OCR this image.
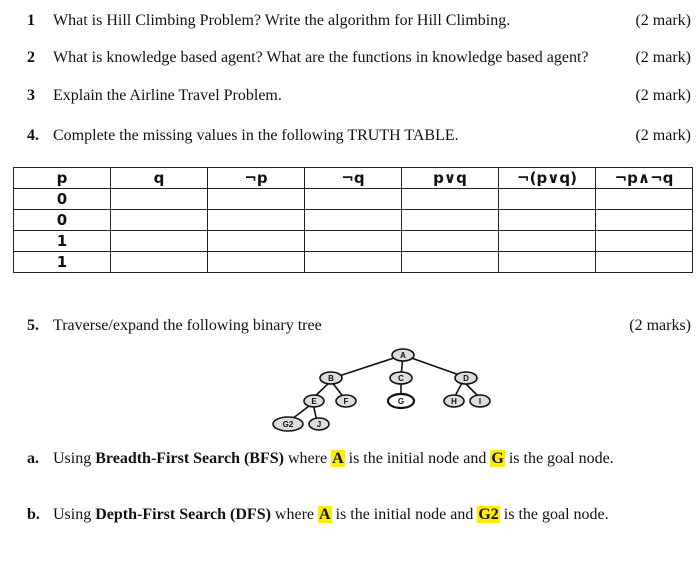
1 What is Hill Climbing Problem? Write the algorithm for Hill Climbing.	(2 mark)
2 What is knowledge based agent? What are the functions in knowledge based agent?	(2 mark)
3 Explain the Airline Travel Problem.	(2 mark)
4. Complete the missing values in the following TRUTH TABLE.	(2 mark)
p	q	¬p	¬q	p∨q	¬(p∨q)	¬p∧¬q
0						
0						
1						
1						
5. Traverse/expand the following binary tree	(2 marks)
A
B	C	D
E	F	G	H	I
G2	J
a. Using Breadth-First Search (BFS) where A is the initial node and G is the goal node.
b. Using Depth-First Search (DFS) where A is the initial node and G2 is the goal node.
